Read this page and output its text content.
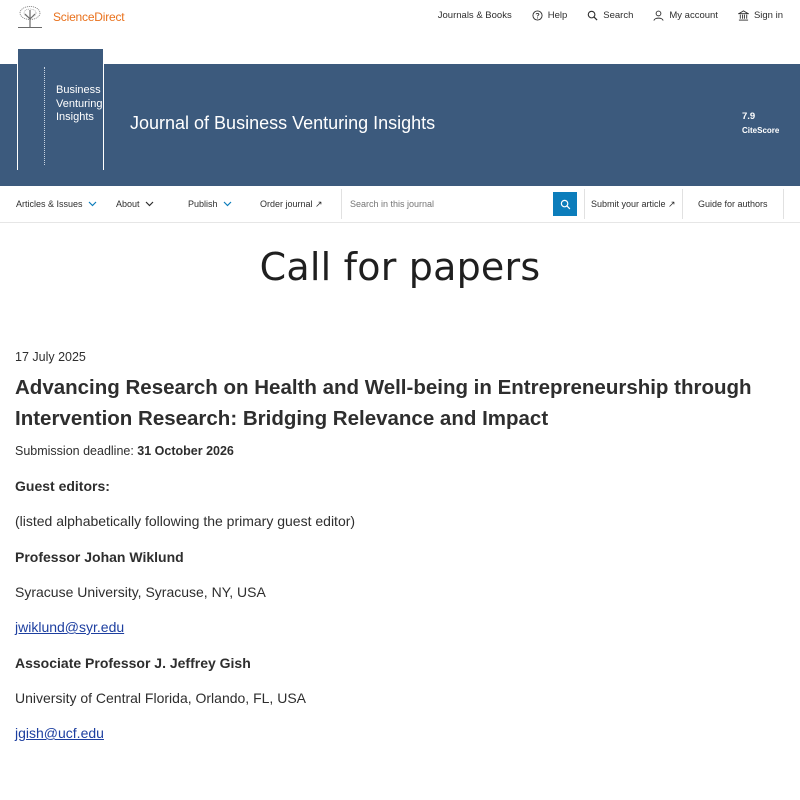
ScienceDirect	Journals & Books	Help	Search	My account	Sign in
Journal of Business Venturing Insights	7.9
CiteScore
Business
Venturing
Insights
Articles & Issues	About	Publish	Order journal ↗
Search in this journal	Submit your article ↗ Guide for authors
Call for papers
17 July 2025
Advancing Research on Health and Well-being in Entrepreneurship through Intervention Research: Bridging Relevance and Impact
Submission deadline: 31 October 2026
Guest editors:
(listed alphabetically following the primary guest editor)
Professor Johan Wiklund
Syracuse University, Syracuse, NY, USA
jwiklund@syr.edu
Associate Professor J. Jeffrey Gish
University of Central Florida, Orlando, FL, USA
jgish@ucf.edu
